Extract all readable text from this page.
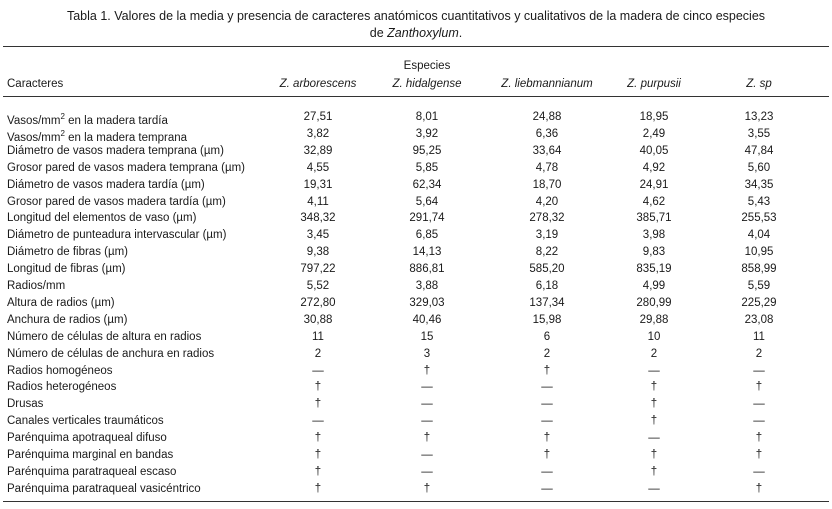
Tabla 1. Valores de la media y presencia de caracteres anatómicos cuantitativos y cualitativos de la madera de cinco especies
de Zanthoxylum.
Especies
Caracteres	Z. arborescens	Z. hidalgense	Z. liebmannianum	Z. purpusii	Z. sp
Vasos/$mm^2$ en la madera tardía	27,51	8,01	24,88	18,95	13,23
Vasos/$mm^2$ en la madera temprana	3,82	3,92	6,36	2,49	3,55
Diámetro de vasos madera temprana (µm)	32,89	95,25	33,64	40,05	47,84
Grosor pared de vasos madera temprana (µm)	4,55	5,85	4,78	4,92	5,60
Diámetro de vasos madera tardía (µm)	19,31	62,34	18,70	24,91	34,35
Grosor pared de vasos madera tardía (µm)	4,11	5,64	4,20	4,62	5,43
Longitud del elementos de vaso (µm)	348,32	291,74	278,32	385,71	255,53
Diámetro de punteadura intervascular (µm)	3,45	6,85	3,19	3,98	4,04
Diámetro de fibras (µm)	9,38	14,13	8,22	9,83	10,95
Longitud de fibras (µm)	797,22	886,81	585,20	835,19	858,99
Radios/mm	5,52	3,88	6,18	4,99	5,59
Altura de radios (µm)	272,80	329,03	137,34	280,99	225,29
Anchura de radios (µm)	30,88	40,46	15,98	29,88	23,08
Número de células de altura en radios	11	15	6	10	11
Número de células de anchura en radios	2	3	2	2	2
Radios homogéneos	—	†	†	—	—
Radios heterogéneos	†	—	—	†	†
Drusas	†	—	—	†	—
Canales verticales traumáticos	—	—	—	†	—
Parénquima apotraqueal difuso	†	†	†	—	†
Parénquima marginal en bandas	†	—	†	†	†
Parénquima paratraqueal escaso	†	—	—	†	—
Parénquima paratraqueal vasicéntrico	†	†	—	—	†
